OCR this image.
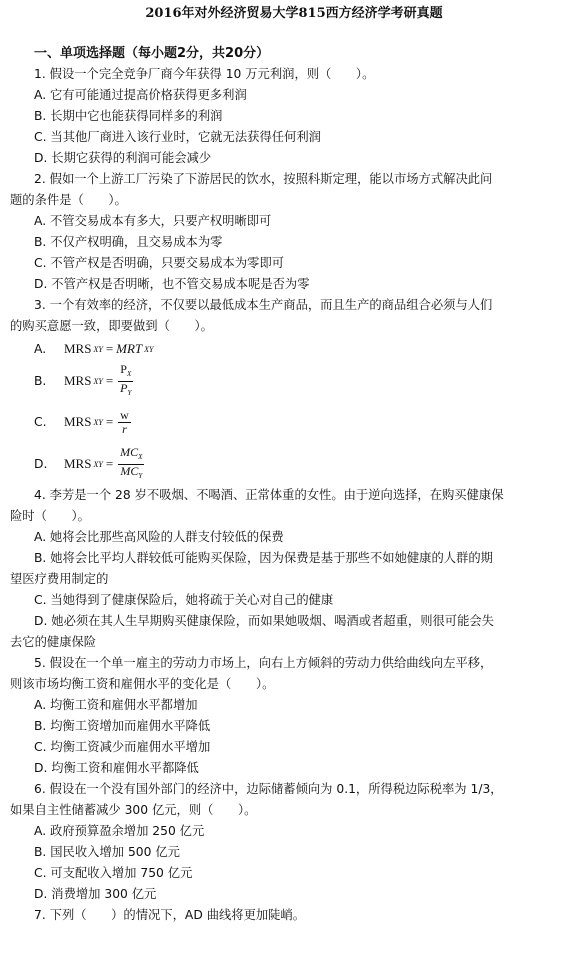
2016年对外经济贸易大学815西方经济学考研真题
一、单项选择题（每小题2分，共20分）
1. 假设一个完全竞争厂商今年获得 10 万元利润，则（　　）。
A. 它有可能通过提高价格获得更多利润
B. 长期中它也能获得同样多的利润
C. 当其他厂商进入该行业时，它就无法获得任何利润
D. 长期它获得的利润可能会减少
2. 假如一个上游工厂污染了下游居民的饮水，按照科斯定理，能以市场方式解决此问
题的条件是（　　）。
A. 不管交易成本有多大，只要产权明晰即可
B. 不仅产权明确，且交易成本为零
C. 不管产权是否明确，只要交易成本为零即可
D. 不管产权是否明晰，也不管交易成本呢是否为零
3. 一个有效率的经济，不仅要以最低成本生产商品，而且生产的商品组合必须与人们
的购买意愿一致，即要做到（　　）。
A.	MRS XY = MRT XY
B.	MRS XY = $\frac{P_X}{P_Y}$
C.	MRS XY = $\frac{w}{r}$
D.	MRS XY = $\frac{MC_X}{MC_Y}$
4. 李芳是一个 28 岁不吸烟、不喝酒、正常体重的女性。由于逆向选择，在购买健康保
险时（　　）。
A. 她将会比那些高风险的人群支付较低的保费
B. 她将会比平均人群较低可能购买保险，因为保费是基于那些不如她健康的人群的期
望医疗费用制定的
C. 当她得到了健康保险后，她将疏于关心对自己的健康
D. 她必须在其人生早期购买健康保险，而如果她吸烟、喝酒或者超重，则很可能会失
去它的健康保险
5. 假设在一个单一雇主的劳动力市场上，向右上方倾斜的劳动力供给曲线向左平移，
则该市场均衡工资和雇佣水平的变化是（　　）。
A. 均衡工资和雇佣水平都增加
B. 均衡工资增加而雇佣水平降低
C. 均衡工资减少而雇佣水平增加
D. 均衡工资和雇佣水平都降低
6. 假设在一个没有国外部门的经济中，边际储蓄倾向为 0.1，所得税边际税率为 1/3，
如果自主性储蓄减少 300 亿元，则（　　）。
A. 政府预算盈余增加 250 亿元
B. 国民收入增加 500 亿元
C. 可支配收入增加 750 亿元
D. 消费增加 300 亿元
7. 下列（　　）的情况下，AD 曲线将更加陡峭。
